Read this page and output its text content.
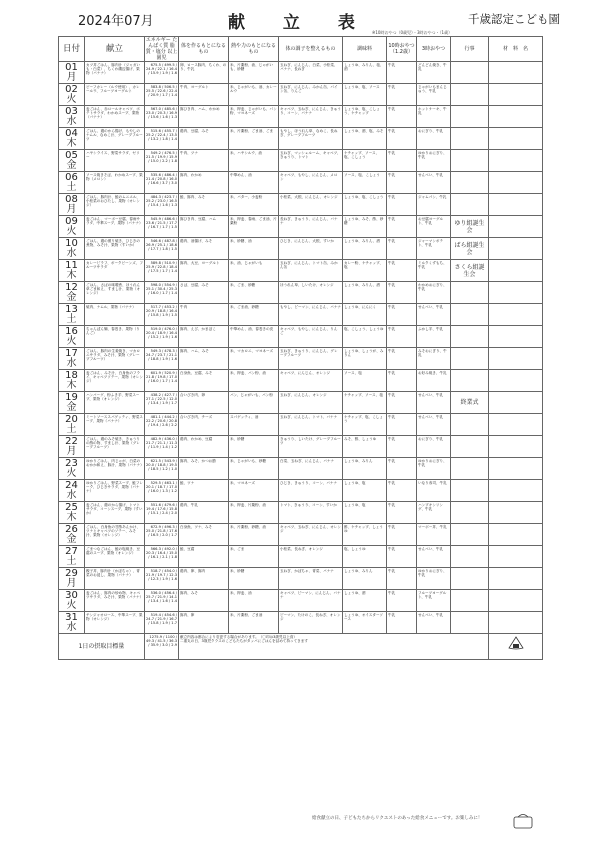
2024年07月	献 立 表	千歳認定こども園
※10時おやつ（0歳児）・3時おやつ・（1歳）
日付	献立	エネルギー たんぱく質 脂質・塩分 以上園児	体を作るもとになるもの	熱や力のもとになるもの	体の調子を整えるもの	調味料	10時おやつ（1.2歳）	3時おやつ	行事	材　料　名

01
月	カツ丼ごはん、豚肉汁（ジャガいも・白菜）、ちくわ磯辺揚げ、果物（バナナ）	675.5 / 499.5 / 24.9 / 22.1 / 16.4 / 15.9 / 1.9 / 1.6	卵、ロース豚肉、ちくわ、のり、牛乳	米、片栗粉、油、じゃがいも、砂糖	玉ねぎ、にんじん、白菜、小松菜、バナナ、長ねぎ	しょうゆ、みりん、塩、酒	牛乳	どんどん焼き、牛乳		

02
火	ビーフカレー（ルウ使用）、カレールウ、フルーツヨーグルト	583.8 / 506.5 / 25.5 / 22.6 / 22.4 / 20.9 / 1.7 / 1.4	牛肉、ヨーグルト	米、じゃがいも、油、カレールウ	玉ねぎ、にんじん、みかん缶、パイン缶、りんご	しょうゆ、塩、ソース	牛乳	じゃがいもまんじゅう、牛乳		

03
水	麦ごはん、赤ロールキャベツ、ポテトサラダ、わかめスープ、果物（バナナ）	567.0 / 485.6 / 23.0 / 20.3 / 16.9 / 15.6 / 1.6 / 1.3	豚ひき肉、ハム、わかめ	米、押麦、じゃがいも、パン粉、マヨネーズ	キャベツ、玉ねぎ、にんじん、きゅうり、コーン、バナナ	しょうゆ、塩、こしょう、ケチャップ	牛乳	ホットケーキ、牛乳		

04
木	ごはん、鶏のから揚げ、もやしのナムル、なめこ汁、グレープフルーツ	515.6 / 455.7 / 25.2 / 22.4 / 13.5 / 13.2 / 1.8 / 1.4	鶏肉、豆腐、みそ	米、片栗粉、ごま油、ごま	もやし、ほうれん草、なめこ、長ねぎ、グレープフルーツ	しょうゆ、酒、塩、みそ	牛乳	おにぎり、牛乳		

05
金	ハヤシライス、野菜サラダ、ゼリー	549.2 / 476.5 / 21.5 / 19.9 / 15.9 / 15.0 / 2.2 / 1.8	牛肉、ツナ	米、ハヤシルウ、油	玉ねぎ、マッシュルーム、キャベツ、きゅうり、トマト	ケチャップ、ソース、塩、こしょう	牛乳	ゆかりおにぎり、牛乳		

06
土	ソース焼きそば、わかめスープ、果物（メロン）	535.6 / 486.4 / 21.4 / 20.8 / 16.0 / 16.6 / 3.7 / 3.0	豚肉、わかめ	中華めん、油	キャベツ、もやし、にんじん、メロン	ソース、塩、こしょう	牛乳	せんべい、牛乳		

08
月	ごはん、豚肉汁、鮭のムニエル、小松菜のおひたし、果物（オレンジ）	484.3 / 423.7 / 25.2 / 23.0 / 16.5 / 15.4 / 1.6 / 1.3	鮭、豚肉、みそ	米、バター、小麦粉	小松菜、大根、にんじん、オレンジ	しょうゆ、塩、こしょう	牛乳	ジャムパン、牛乳		

09
火	麦ごはん、マーボー豆腐、春雨サラダ、中華スープ、果物（バナナ）	545.9 / 486.6 / 23.6 / 21.5 / 17.7 / 16.7 / 1.7 / 1.5	豚ひき肉、豆腐、ハム	米、押麦、春雨、ごま油、片栗粉	長ねぎ、きゅうり、にんじん、バナナ	しょうゆ、みそ、酢、砂糖	牛乳	お豆腐ヨーグルト、牛乳	ゆり組誕生会	

10
水	ごはん、鶏の照り焼き、ひじきの煮物、みそ汁、果物（すいか）	546.6 / 487.8 / 26.9 / 25.1 / 18.6 / 17.7 / 1.8 / 1.5	鶏肉、油揚げ、みそ	米、砂糖、油	ひじき、にんじん、大根、すいか	しょうゆ、みりん、酒	牛乳	ジャーマンポテト、牛乳	ばら組誕生会	

11
木	カレーピラフ、ポークビーンズ、フルーツサラダ	589.8 / 510.9 / 25.9 / 22.8 / 18.4 / 17.5 / 1.7 / 1.4	豚肉、大豆、ヨーグルト	米、油、じゃがいも	玉ねぎ、にんじん、トマト缶、みかん缶	カレー粉、ケチャップ、塩	牛乳	ミルクくずもち、牛乳	さくら組誕生会	

12
金	ごはん、さばの味噌煮、ほうれん草ごま和え、すまし汁、果物（オレンジ）	598.0 / 554.9 / 25.1 / 30.4 / 25.3 / 16.0 / 1.7 / 1.4	さば、豆腐、みそ	米、ごま、砂糖	ほうれん草、しいたけ、オレンジ	しょうゆ、みりん、酒	牛乳	わかめおにぎり、牛乳		

13
土	焼肉、ナムル、果物（バナナ）	517.7 / 453.2 / 20.9 / 18.8 / 16.4 / 15.8 / 1.9 / 1.5	牛肉	米、ごま油、砂糖	もやし、ピーマン、にんじん、バナナ	しょうゆ、にんにく	牛乳	せんべい、牛乳		

16
火	ちゃんぽん麺、春巻き、果物（りんご）	519.0 / 476.0 / 20.4 / 18.9 / 16.4 / 15.2 / 1.9 / 1.6	豚肉、えび、かまぼこ	中華めん、油、春巻きの皮	キャベツ、もやし、にんじん、りんご	塩、こしょう、しょうゆ	牛乳	ふかし芋、牛乳		

17
水	ごはん、豚肉の生姜焼き、マカロニサラダ、みそ汁、果物（グレープフルーツ）	549.3 / 478.3 / 24.7 / 23.7 / 21.1 / 18.8 / 1.9 / 1.6	豚肉、ハム、みそ	米、マカロニ、マヨネーズ	玉ねぎ、きゅうり、にんじん、グレープフルーツ	しょうゆ、しょうが、みりん	牛乳	みそおにぎり、牛乳		

18
木	麦ごはん、みそ汁、白身魚のフライ、キャベツソテー、果物（オレンジ）	601.9 / 520.9 / 21.8 / 19.8 / 17.0 / 16.0 / 1.7 / 1.4	白身魚、豆腐、みそ	米、押麦、パン粉、油	キャベツ、にんじん、オレンジ	ソース、塩	牛乳	お好み焼き、牛乳		

19
金	ハンバーグ、粉ふき芋、野菜スープ、果物（オレンジ）	438.2 / 427.7 / 27.1 / 22.5 / 12.0 / 13.4 / 1.9 / 1.7	合いびき肉、卵	パン、じゃがいも、パン粉	玉ねぎ、にんじん、オレンジ	ケチャップ、ソース、塩	牛乳	せんべい、牛乳	終業式	

20
土	ミートソーススパゲッティ、野菜スープ、果物（バナナ）	481.1 / 444.2 / 22.2 / 20.6 / 20.8 / 19.4 / 2.6 / 2.2	合いびき肉、チーズ	スパゲッティ、油	玉ねぎ、にんじん、トマト、バナナ	ケチャップ、塩、こしょう	牛乳	せんべい、牛乳		

22
月	ごはん、鶏のみそ焼き、きゅうりの酢の物、すまし汁、果物（グレープフルーツ）	482.9 / 436.0 / 21.7 / 21.1 / 11.3 / 11.9 / 1.4 / 1.2	鶏肉、わかめ、豆腐	米、砂糖	きゅうり、しいたけ、グレープフルーツ	みそ、酢、しょうゆ	牛乳	おにぎり、牛乳		

23
火	ゆかりごはん、肉じゃが、白菜のおかか和え、豚汁、果物（バナナ）	621.5 / 543.9 / 20.0 / 18.8 / 19.5 / 18.5 / 1.2 / 1.0	豚肉、みそ、かつお節	米、じゃがいも、砂糖	白菜、玉ねぎ、にんじん、バナナ	しょうゆ、みりん	牛乳	ゆかりおにぎり、牛乳		

24
水	ゆかりごはん、野菜スープ、鮭フレーク、ひじきサラダ、果物（バナナ）	529.5 / 463.1 / 20.1 / 18.7 / 17.0 / 16.0 / 1.3 / 1.2	鮭、ツナ	米、マヨネーズ	ひじき、きゅうり、コーン、バナナ	しょうゆ、塩	牛乳	いなり寿司、牛乳		

25
木	麦ごはん、鶏のから揚げ、トマトサラダ、コーンスープ、果物（すいか）	551.6 / 479.6 / 19.4 / 17.6 / 15.8 / 15.1 / 2.4 / 2.0	鶏肉、牛乳	米、押麦、片栗粉、油	トマト、きゅうり、コーン、すいか	しょうゆ、塩	牛乳	ハンプキンリング、牛乳		

26
金	ごはん、白身魚の甘酢あんかけ、ツナとキャベツのソテー、みそ汁、果物（オレンジ）	672.9 / 496.3 / 25.0 / 21.8 / 17.6 / 16.5 / 2.0 / 1.7	白身魚、ツナ、みそ	米、片栗粉、砂糖、油	キャベツ、玉ねぎ、にんじん、オレンジ	酢、ケチャップ、しょうゆ	牛乳	マーボー丼、牛乳		

27
土	ごまつなごはん、鮭の塩焼き、豆腐のスープ、果物（オレンジ）	566.3 / 492.0 / 20.3 / 16.4 / 15.0 / 16.1 / 2.1 / 1.8	鮭、豆腐	米、ごま	小松菜、長ねぎ、オレンジ	塩、しょうゆ	牛乳	せんべい、牛乳		

29
月	親子丼、豚肉汁（かぼちゃ）、青菜のお浸し、果物（バナナ）	518.7 / 454.0 / 21.9 / 19.7 / 12.3 / 12.3 / 1.9 / 1.6	鶏肉、卵、豚肉	米、砂糖	玉ねぎ、かぼちゃ、青菜、バナナ	しょうゆ、みりん	牛乳	ゆかりおにぎり、牛乳		

30
火	麦ごはん、豚肉の炒め物、キャベツサラダ、みそ汁、果物（バナナ）	536.0 / 456.4 / 25.7 / 21.9 / 14.1 / 13.4 / 1.6 / 1.4	豚肉、みそ	米、押麦、油	キャベツ、ピーマン、にんじん、バナナ	しょうゆ、酒	牛乳	フルーツヨーグルト、牛乳		

31
水	チンジャオロース、中華スープ、果物（オレンジ）	519.4 / 454.6 / 24.7 / 21.9 / 16.7 / 15.8 / 1.9 / 1.7	豚肉、卵	米、片栗粉、ごま油	ピーマン、たけのこ、長ねぎ、オレンジ	しょうゆ、オイスターソース	牛乳	せんべい、牛乳		
1日の摂取目標量		1275.9 / 1100 / 49.3 / 41.5 / 36.3 / 35.9 / 3.0 / 2.9	献立内容は都合により変更する場合があります。（〇印は3歳児以上食）
二重丸の日、3歳児クラスのこどもたちがタッパにごはんを詰めて持ってきます	
給食献立の日、子どもたちからリクエストのあった給食メニューです。お楽しみに！
